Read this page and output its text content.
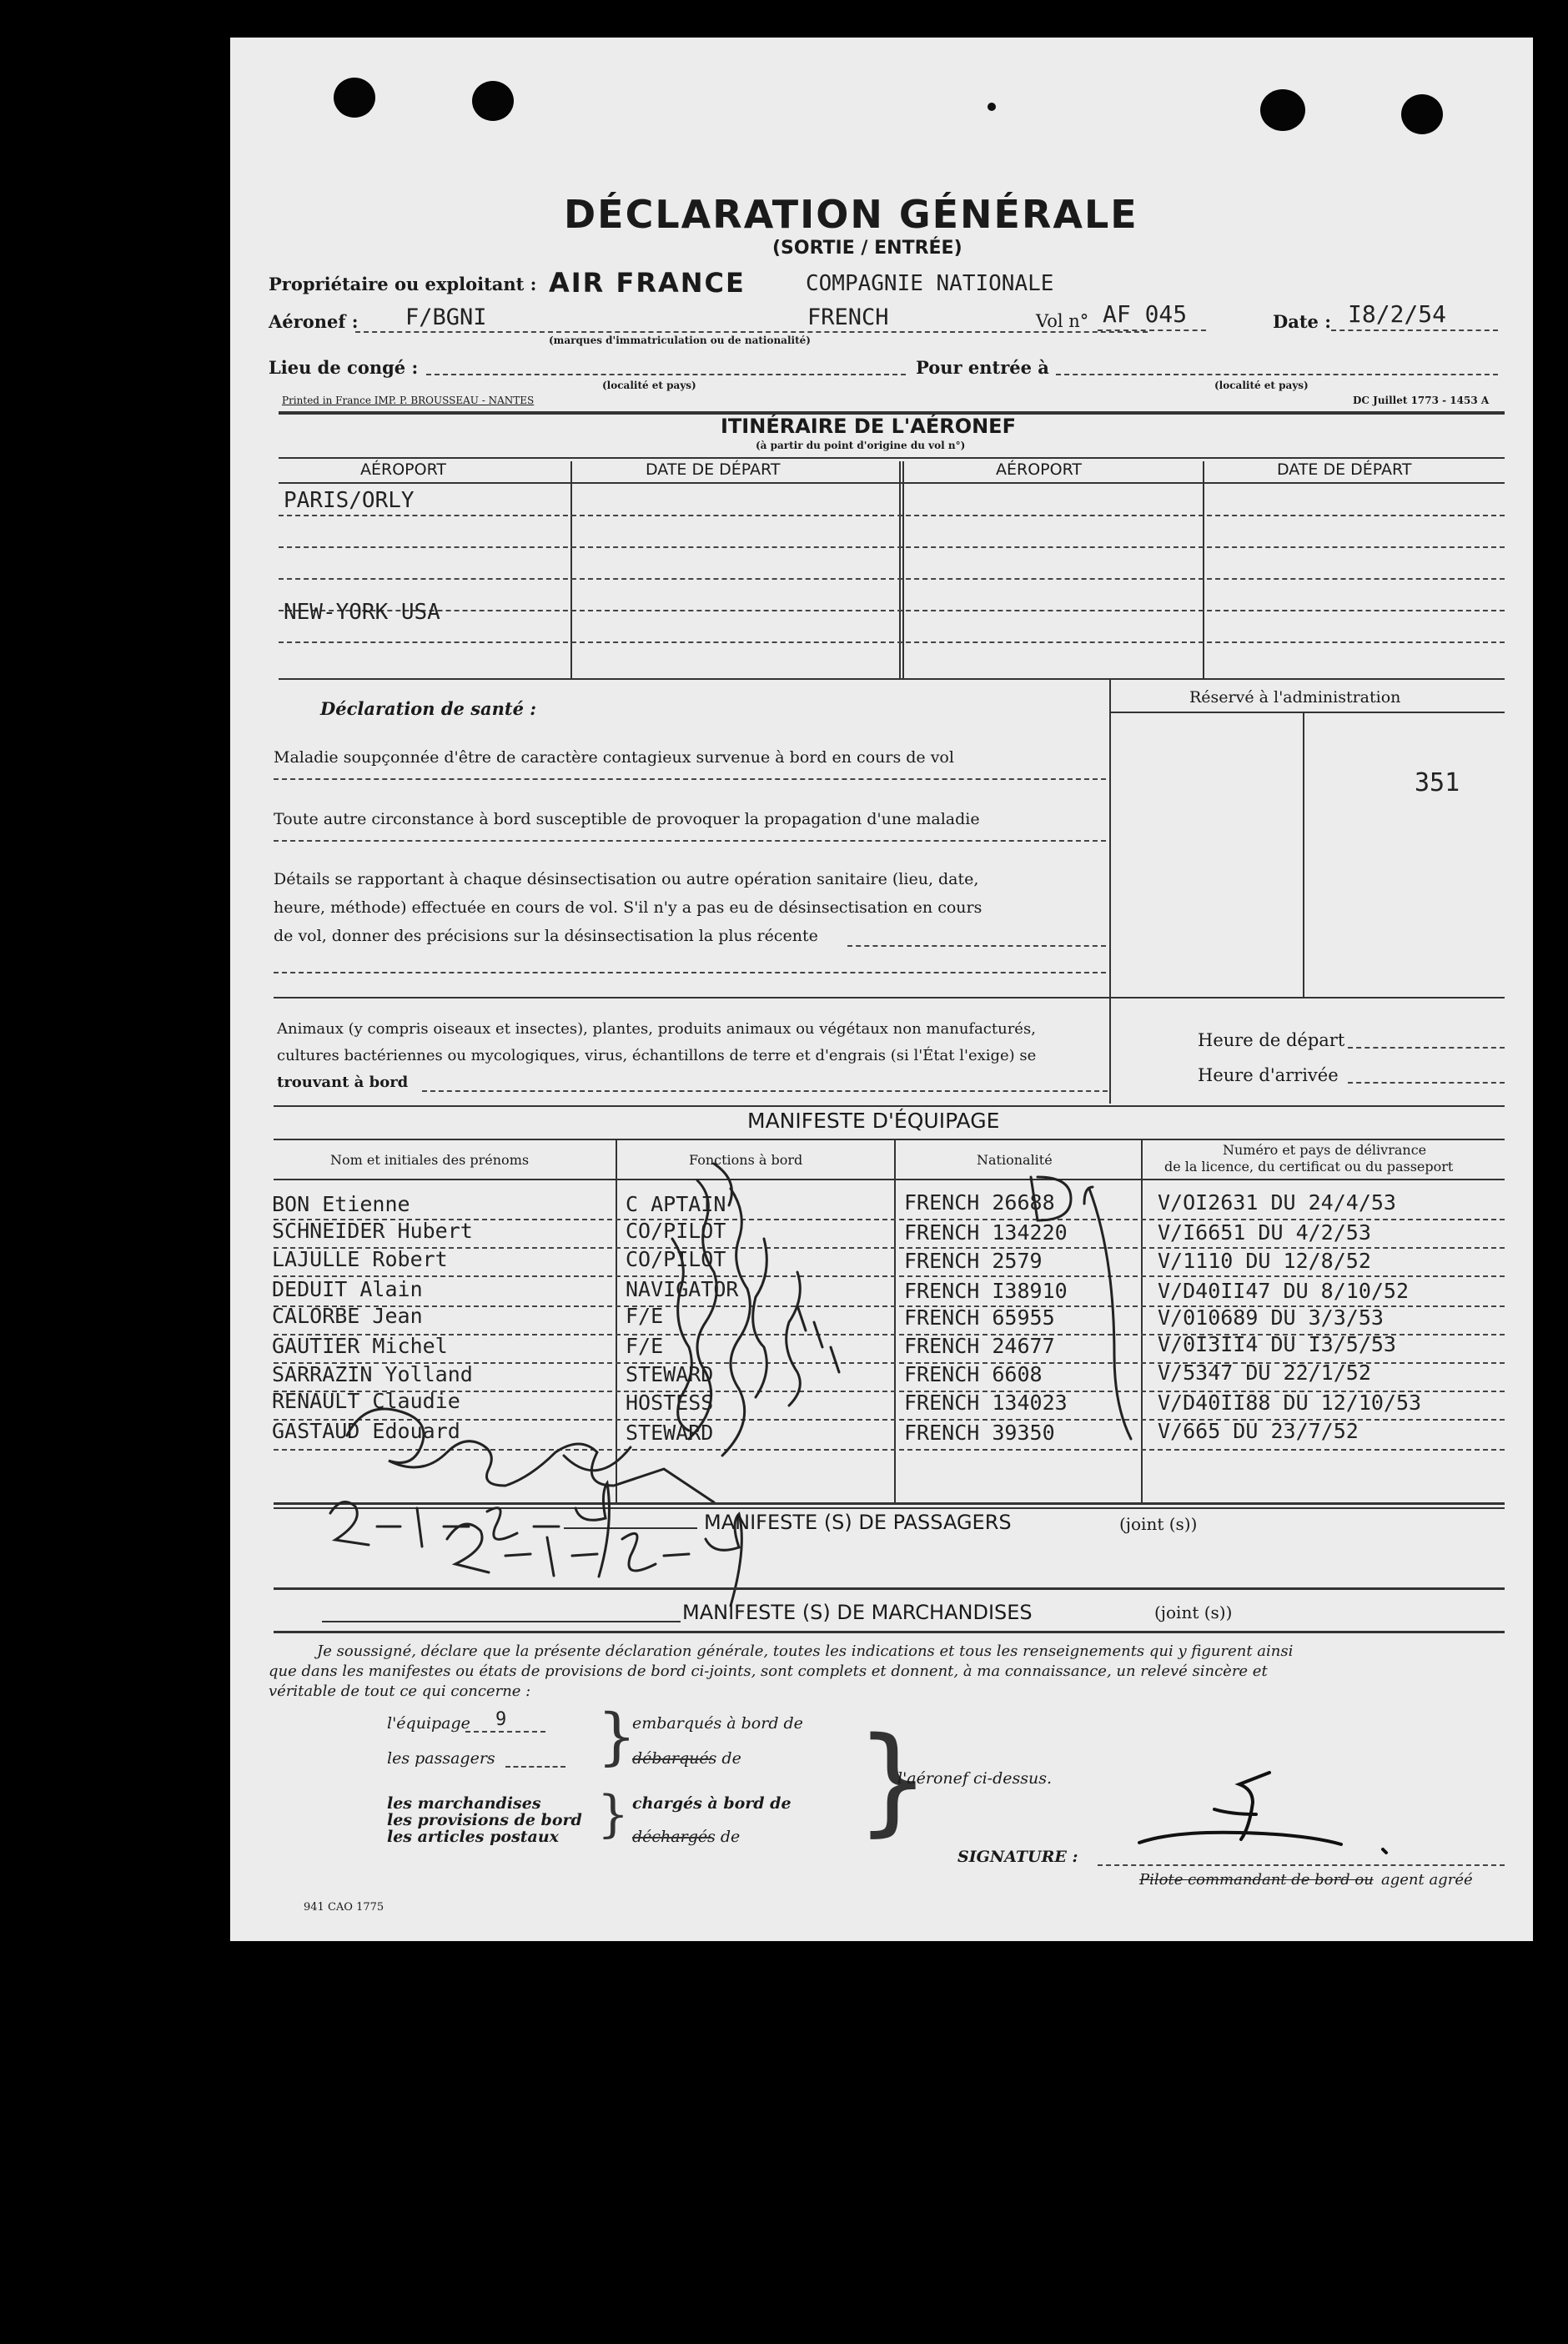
DÉCLARATION GÉNÉRALE
(SORTIE / ENTRÉE)
Propriétaire ou exploitant : AIR FRANCE	COMPAGNIE NATIONALE
Aéronef : F/BGNI	FRENCH
(marques d'immatriculation ou de nationalité)
Vol n° AF 045	Date : I8/2/54
Lieu de congé :	Pour entrée à
(localité et pays)	(localité et pays)
Printed in France IMP. P. BROUSSEAU - NANTES	DC Juillet 1773 - 1453 A
ITINÉRAIRE DE L'AÉRONEF
(à partir du point d'origine du vol n°)
AÉROPORT	DATE DE DÉPART	AÉROPORT	DATE DE DÉPART
PARIS/ORLY
NEW-YORK USA
Déclaration de santé :
Maladie soupçonnée d'être de caractère contagieux survenue à bord en cours de vol
Toute autre circonstance à bord susceptible de provoquer la propagation d'une maladie
Détails se rapportant à chaque désinsectisation ou autre opération sanitaire (lieu, date,
heure, méthode) effectuée en cours de vol. S'il n'y a pas eu de désinsectisation en cours
de vol, donner des précisions sur la désinsectisation la plus récente
Réservé à l'administration
351
Heure de départ
Heure d'arrivée
Animaux (y compris oiseaux et insectes), plantes, produits animaux ou végétaux non manufacturés,
cultures bactériennes ou mycologiques, virus, échantillons de terre et d'engrais (si l'État l'exige) se
trouvant à bord
MANIFESTE D'ÉQUIPAGE
Nom et initiales des prénoms	Fonctions à bord	Nationalité
Numéro et pays de délivrance
de la licence, du certificat ou du passeport
BON Etienne	C APTAIN	FRENCH 26688	V/OI2631 DU 24/4/53
SCHNEIDER Hubert	CO/PILOT	FRENCH 134220	V/I6651 DU 4/2/53
LAJULLE Robert	CO/PILOT	FRENCH 2579	V/1110 DU 12/8/52
DEDUIT Alain	NAVIGATOR	FRENCH I38910	V/D40II47 DU 8/10/52
CALORBE Jean	F/E	FRENCH 65955	V/010689 DU 3/3/53
GAUTIER Michel	F/E	FRENCH 24677	V/0I3II4 DU I3/5/53
SARRAZIN Yolland	STEWARD	FRENCH 6608	V/5347 DU 22/1/52
RENAULT Claudie	HOSTESS	FRENCH 134023	V/D40II88 DU 12/10/53
GASTAUD Edouard	STEWARD	FRENCH 39350	V/665 DU 23/7/52
MANIFESTE (S) DE PASSAGERS	(joint (s))
MANIFESTE (S) DE MARCHANDISES	(joint (s))
Je soussigné, déclare que la présente déclaration générale, toutes les indications et tous les renseignements qui y figurent ainsi
que dans les manifestes ou états de provisions de bord ci-joints, sont complets et donnent, à ma connaissance, un relevé sincère et
véritable de tout ce qui concerne :
l'équipage 9	embarqués à bord de
les passagers	débarqués de
les marchandises
les provisions de bord
les articles postaux
chargés à bord de
déchargés de
}
} }
l'aéronef ci-dessus.
SIGNATURE :
Pilote commandant de bord ou agent agréé
941 CAO 1775
